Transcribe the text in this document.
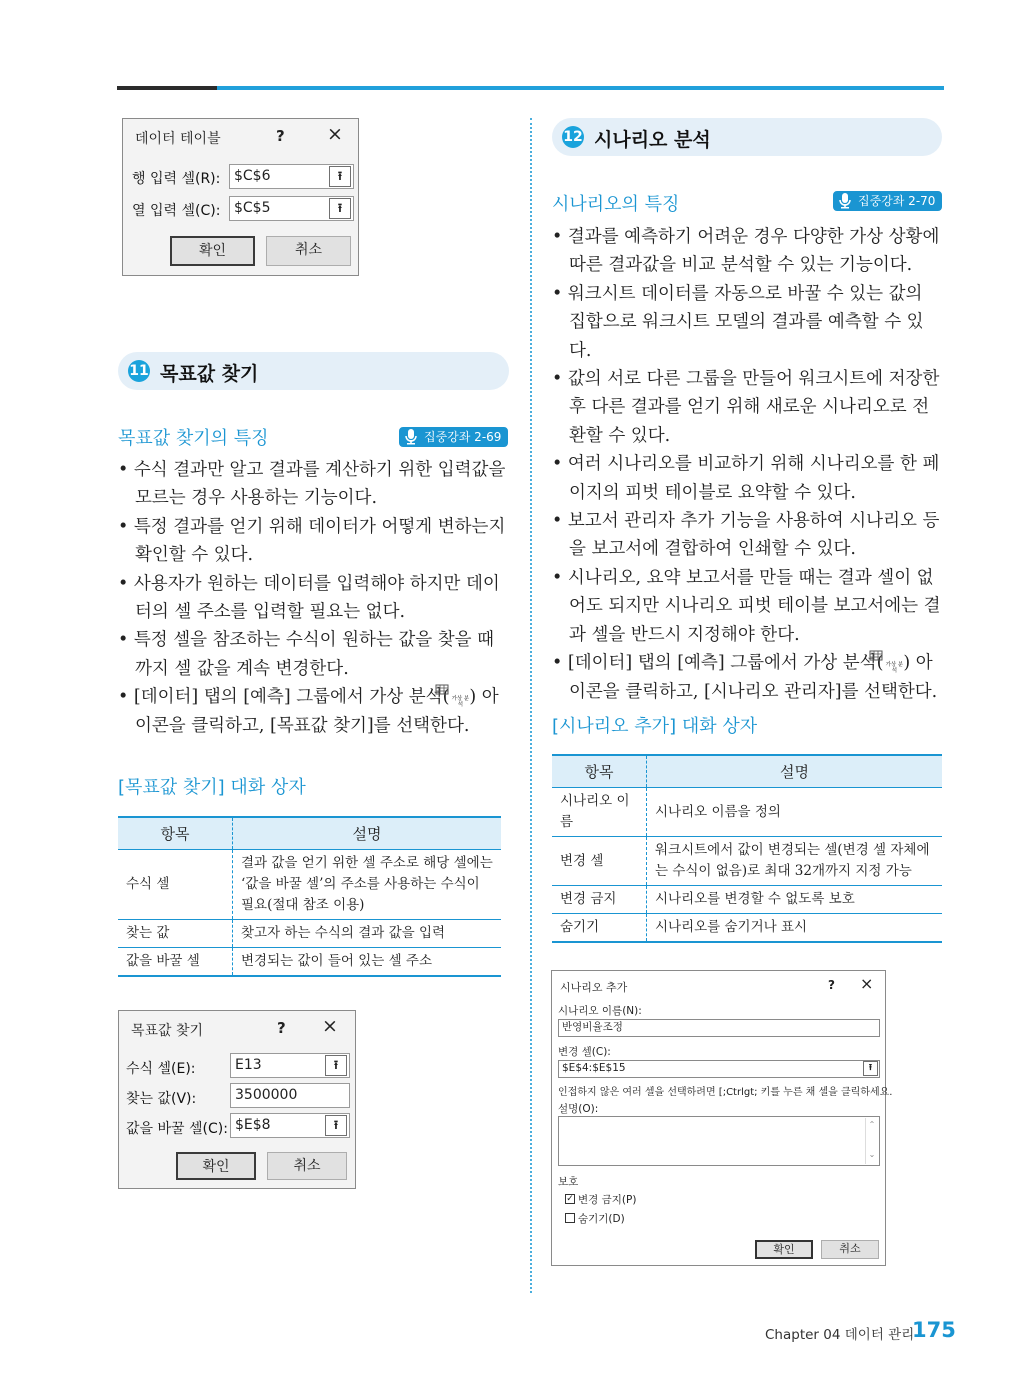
데이터 테이블	? ×
행 입력 셀(R): $C$6	⭱
열 입력 셀(C): $C$5	⭱
확인	취소
11 목표값 찾기
목표값 찾기의 특징	집중강좌 2-69

• 수식 결과만 알고 결과를 계산하기 위한 입력값을 모르는 경우 사용하는 기능이다.

• 특정 결과를 얻기 위해 데이터가 어떻게 변하는지 확인할 수 있다.

• 사용자가 원하는 데이터를 입력해야 하지만 데이터의 셀 주소를 입력할 필요는 없다.

• 특정 셀을 참조하는 수식이 원하는 값을 찾을 때까지 셀 값을 계속 변경한다.

• [데이터] 탭의 [예측] 그룹에서 가상 분석( 가상 분석 ) 아이콘을 클릭하고, [목표값 찾기]를 선택한다.

[목표값 찾기] 대화 상자
항목	설명
수식 셀	결과 값을 얻기 위한 셀 주소로 해당 셀에는 ‘값을 바꿀 셀’의 주소를 사용하는 수식이 필요(절대 참조 이용)
찾는 값	찾고자 하는 수식의 결과 값을 입력
값을 바꿀 셀	변경되는 값이 들어 있는 셀 주소
목표값 찾기	? ×
수식 셀(E):	E13	⭱
찾는 값(V):	3500000
값을 바꿀 셀(C): $E$8	⭱
확인	취소
12 시나리오 분석
시나리오의 특징	집중강좌 2-70

• 결과를 예측하기 어려운 경우 다양한 가상 상황에 따른 결과값을 비교 분석할 수 있는 기능이다.

• 워크시트 데이터를 자동으로 바꿀 수 있는 값의 집합으로 워크시트 모델의 결과를 예측할 수 있다.

• 값의 서로 다른 그룹을 만들어 워크시트에 저장한 후 다른 결과를 얻기 위해 새로운 시나리오로 전환할 수 있다.

• 여러 시나리오를 비교하기 위해 시나리오를 한 페이지의 피벗 테이블로 요약할 수 있다.

• 보고서 관리자 추가 기능을 사용하여 시나리오 등을 보고서에 결합하여 인쇄할 수 있다.

• 시나리오, 요약 보고서를 만들 때는 결과 셀이 없어도 되지만 시나리오 피벗 테이블 보고서에는 결과 셀을 반드시 지정해야 한다.

• [데이터] 탭의 [예측] 그룹에서 가상 분석( 가상 분석 ) 아이콘을 클릭하고, [시나리오 관리자]를 선택한다.

[시나리오 추가] 대화 상자
항목	설명
시나리오 이름	시나리오 이름을 정의
변경 셀	워크시트에서 값이 변경되는 셀(변경 셀 자체에는 수식이 없음)로 최대 32개까지 지정 가능
변경 금지	시나리오를 변경할 수 없도록 보호
숨기기	시나리오를 숨기거나 표시
시나리오 추가	? ×
시나리오 이름(N):
반영비율조정
변경 셀(C):
$E$4:$E$15	⭱
인접하지 않은 여러 셀을 선택하려면 [;Ctrlgt; 키를 누른 채 셀을 클릭하세요.
설명(O):
⌃
⌄
보호
✓ 변경 금지(P)
숨기기(D)
확인	취소
Chapter 04 데이터 관리
175
